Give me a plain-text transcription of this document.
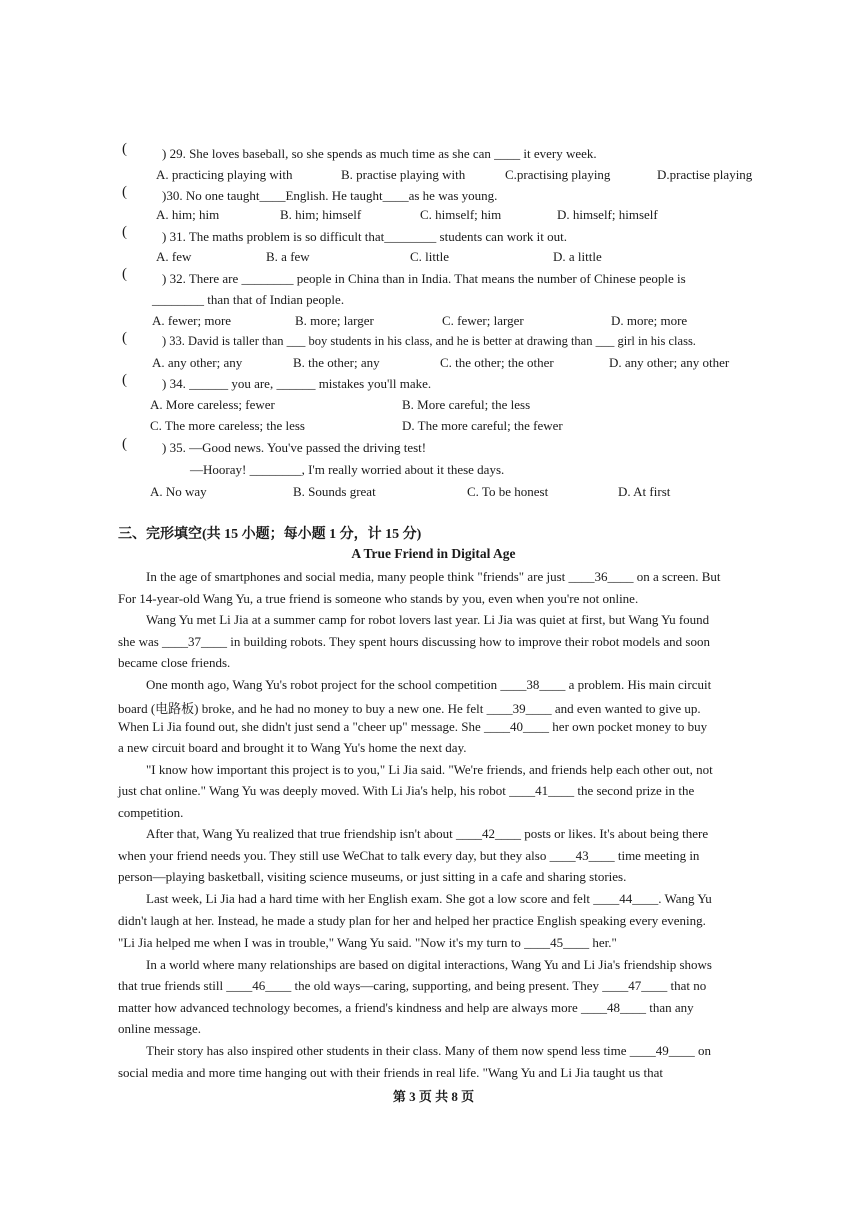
(	) 29. She loves baseball, so she spends as much time as she can ____ it every week.
A. practicing playing with	B. practise playing with	C.practising playing	D.practise playing
(	)30. No one taught____English. He taught____as he was young.
A. him; him	B. him; himself	C. himself; him	D. himself; himself
(	) 31. The maths problem is so difficult that________ students can work it out.
A. few	B. a few	C. little	D. a little
(	) 32. There are ________ people in China than in India. That means the number of Chinese people is
________ than that of Indian people.
A. fewer; more	B. more; larger	C. fewer; larger	D. more; more
(	) 33. David is taller than ___ boy students in his class, and he is better at drawing than ___ girl in his class.
A. any other; any	B. the other; any	C. the other; the other	D. any other; any other
(	) 34. ______ you are, ______ mistakes you'll make.
A. More careless; fewer	B. More careful; the less
C. The more careless; the less	D. The more careful; the fewer
(	) 35. —Good news. You've passed the driving test!
—Hooray! ________, I'm really worried about it these days.
A. No way	B. Sounds great	C. To be honest	D. At first
三、完形填空(共 15 小题；每小题 1 分，计 15 分)
A True Friend in Digital Age
In the age of smartphones and social media, many people think "friends" are just ____36____ on a screen. But
For 14-year-old Wang Yu, a true friend is someone who stands by you, even when you're not online.
Wang Yu met Li Jia at a summer camp for robot lovers last year. Li Jia was quiet at first, but Wang Yu found
she was ____37____ in building robots. They spent hours discussing how to improve their robot models and soon
became close friends.
One month ago, Wang Yu's robot project for the school competition ____38____ a problem. His main circuit
board (电路板) broke, and he had no money to buy a new one. He felt ____39____ and even wanted to give up.
When Li Jia found out, she didn't just send a "cheer up" message. She ____40____ her own pocket money to buy
a new circuit board and brought it to Wang Yu's home the next day.
"I know how important this project is to you," Li Jia said. "We're friends, and friends help each other out, not
just chat online." Wang Yu was deeply moved. With Li Jia's help, his robot ____41____ the second prize in the
competition.
After that, Wang Yu realized that true friendship isn't about ____42____ posts or likes. It's about being there
when your friend needs you. They still use WeChat to talk every day, but they also ____43____ time meeting in
person—playing basketball, visiting science museums, or just sitting in a cafe and sharing stories.
Last week, Li Jia had a hard time with her English exam. She got a low score and felt ____44____. Wang Yu
didn't laugh at her. Instead, he made a study plan for her and helped her practice English speaking every evening.
"Li Jia helped me when I was in trouble," Wang Yu said. "Now it's my turn to ____45____ her."
In a world where many relationships are based on digital interactions, Wang Yu and Li Jia's friendship shows
that true friends still ____46____ the old ways—caring, supporting, and being present. They ____47____ that no
matter how advanced technology becomes, a friend's kindness and help are always more ____48____ than any
online message.
Their story has also inspired other students in their class. Many of them now spend less time ____49____ on
social media and more time hanging out with their friends in real life. "Wang Yu and Li Jia taught us that
第 3 页 共 8 页
